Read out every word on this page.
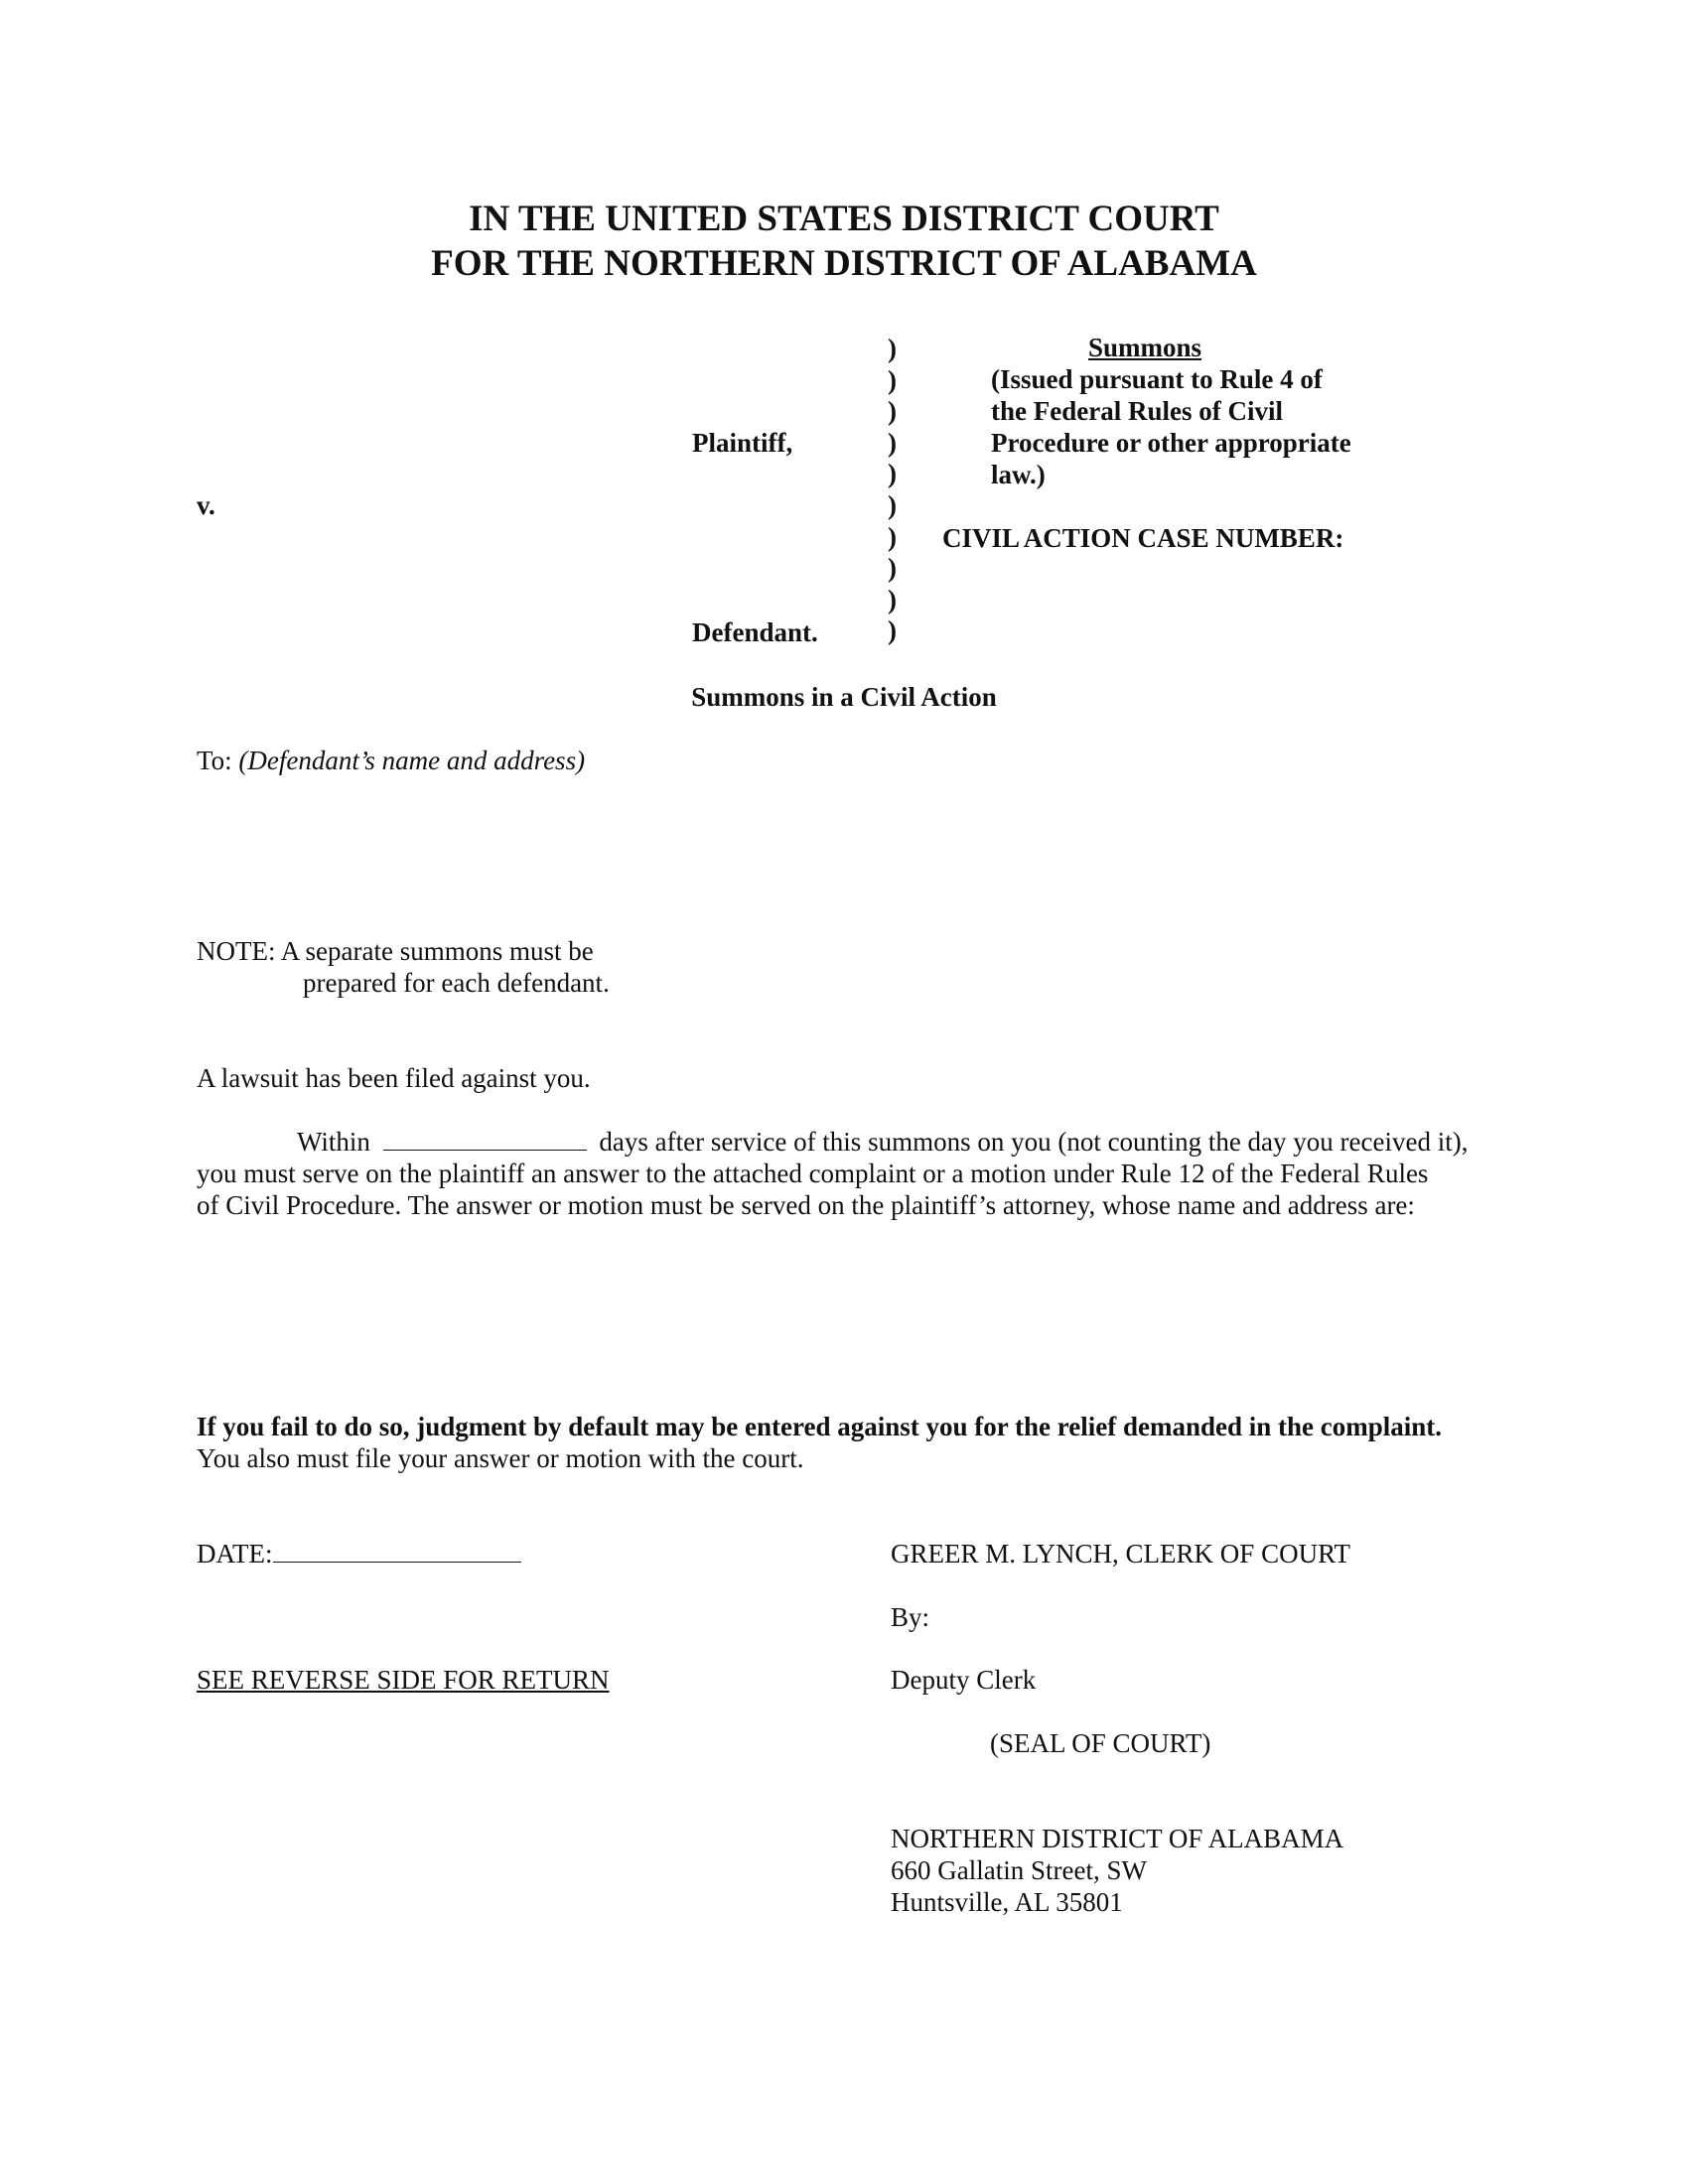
IN THE UNITED STATES DISTRICT COURT
FOR THE NORTHERN DISTRICT OF ALABAMA
Plaintiff,
v.
Defendant.
)
)
)
)
)
)
)
)
)
)
Summons
(Issued pursuant to Rule 4 of
the Federal Rules of Civil
Procedure or other appropriate
law.)
CIVIL ACTION CASE NUMBER:
Summons in a Civil Action
To: (Defendant’s name and address)
NOTE: A separate summons must be
prepared for each defendant.
A lawsuit has been filed against you.
Within	days after service of this summons on you (not counting the day you received it),
you must serve on the plaintiff an answer to the attached complaint or a motion under Rule 12 of the Federal Rules
of Civil Procedure. The answer or motion must be served on the plaintiff’s attorney, whose name and address are:
If you fail to do so, judgment by default may be entered against you for the relief demanded in the complaint.
You also must file your answer or motion with the court.
DATE:	GREER M. LYNCH, CLERK OF COURT
By:
SEE REVERSE SIDE FOR RETURN	Deputy Clerk
(SEAL OF COURT)
NORTHERN DISTRICT OF ALABAMA
660 Gallatin Street, SW
Huntsville, AL 35801
